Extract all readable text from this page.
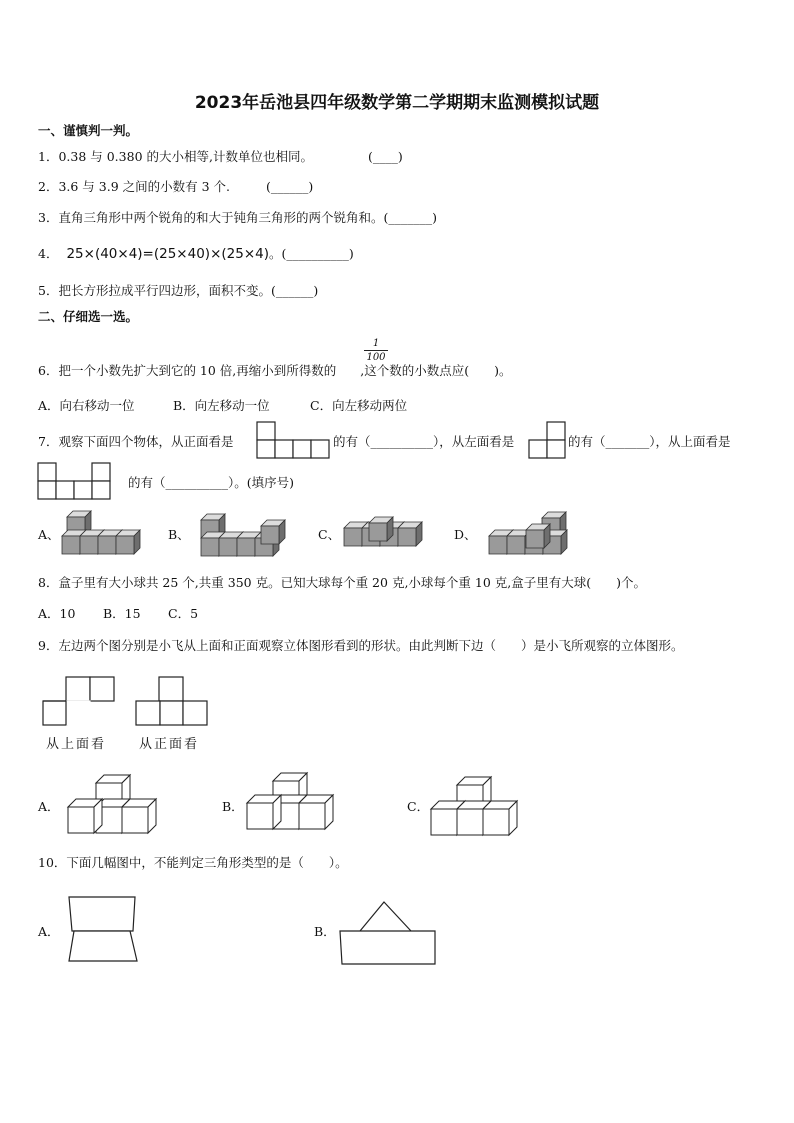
2023年岳池县四年级数学第二学期期末监测模拟试题
一、谨慎判一判。
1．0.38 与 0.380 的大小相等,计数单位也相同。	(____)
2．3.6 与 3.9 之间的小数有 3 个.	(______)
3．直角三角形中两个锐角的和大于钝角三角形的两个锐角和。(_______)
4． 25×(40×4)=(25×40)×(25×4)。(__________)
5．把长方形拉成平行四边形，面积不变。(______)
二、仔细选一选。
6．把一个小数先扩大到它的 10 倍,再缩小到所得数的 ,这个数的小数点应(　　)。
1
100
A．向右移动一位	B．向左移动一位	C．向左移动两位
7．观察下面四个物体，从正面看是	的有（__________），从左面看是	的有（_______），从上面看是
的有（__________）。(填序号)
A、	B、	C、	D、
8．盒子里有大小球共 25 个,共重 350 克。已知大球每个重 20 克,小球每个重 10 克,盒子里有大球(　　)个。
A．10 B．15 C．5
9．左边两个图分别是小飞从上面和正面观察立体图形看到的形状。由此判断下边（　　）是小飞所观察的立体图形。
从上面看	从正面看
A．	B．	C．
10．下面几幅图中，不能判定三角形类型的是（　　）。
A．	B．
